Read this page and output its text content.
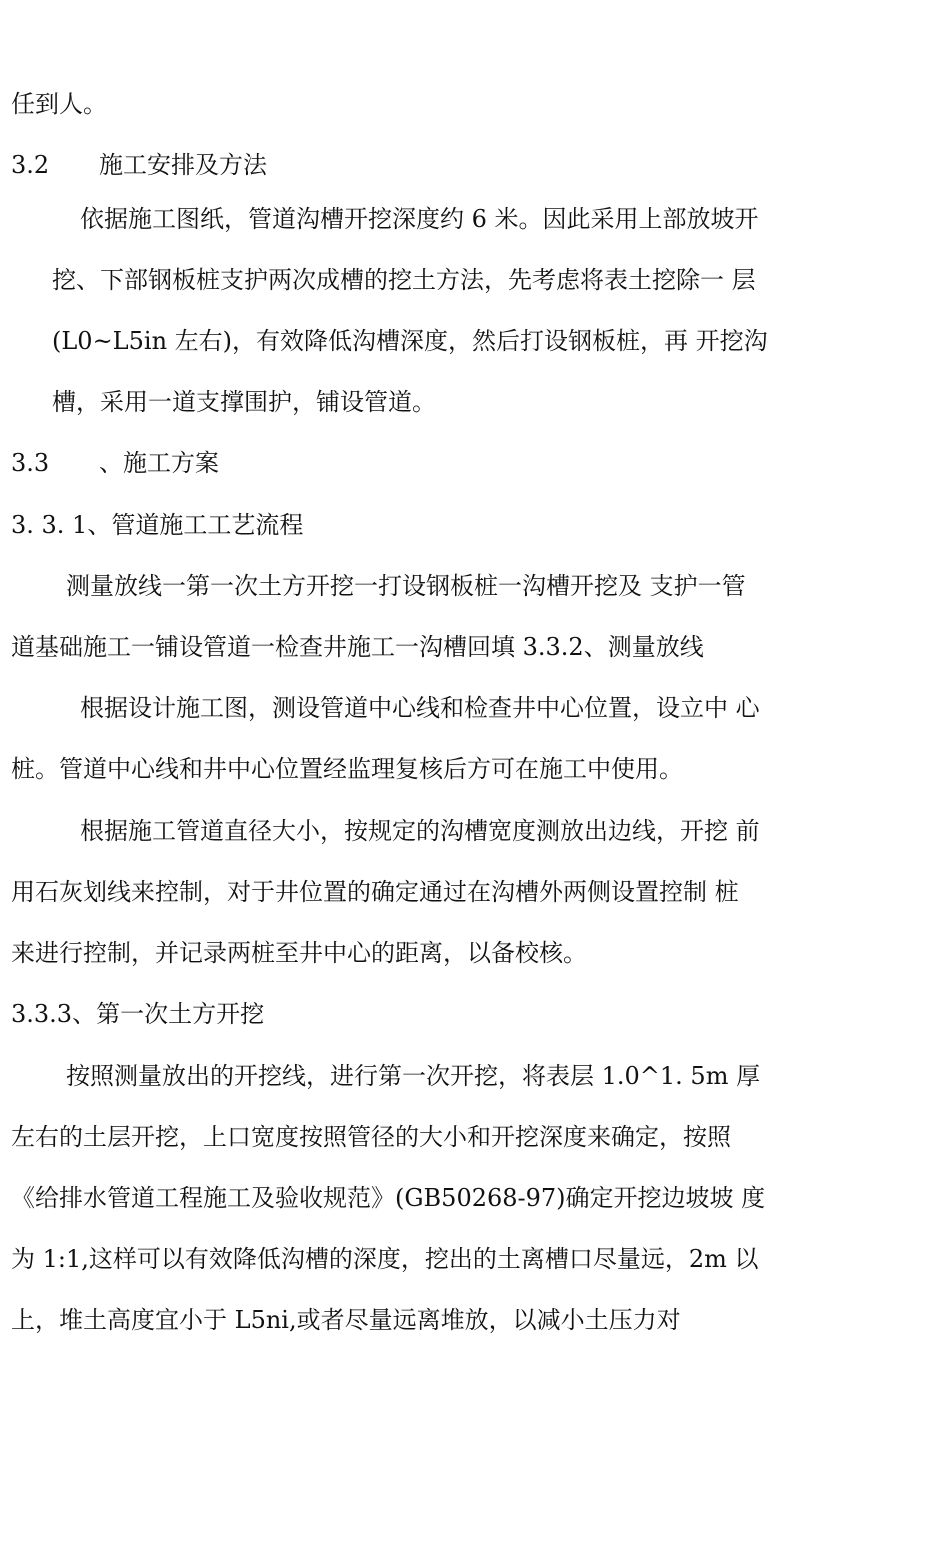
任到人。
3.2 施工安排及方法
依据施工图纸，管道沟槽开挖深度约 6 米。因此采用上部放坡开
挖、下部钢板桩支护两次成槽的挖土方法，先考虑将表土挖除一 层
(L0~L5in 左右)，有效降低沟槽深度，然后打设钢板桩，再 开挖沟
槽，采用一道支撑围护，铺设管道。
3.3 、施工方案
3. 3. 1、管道施工工艺流程
测量放线一第一次土方开挖一打设钢板桩一沟槽开挖及 支护一管
道基础施工一铺设管道一检查井施工一沟槽回填 3.3.2、测量放线
根据设计施工图，测设管道中心线和检查井中心位置，设立中 心
桩。管道中心线和井中心位置经监理复核后方可在施工中使用。
根据施工管道直径大小，按规定的沟槽宽度测放出边线，开挖 前
用石灰划线来控制，对于井位置的确定通过在沟槽外两侧设置控制 桩
来进行控制，并记录两桩至井中心的距离，以备校核。
3.3.3、第一次土方开挖
按照测量放出的开挖线，进行第一次开挖，将表层 1.0^1. 5m 厚
左右的土层开挖，上口宽度按照管径的大小和开挖深度来确定，按照
《给排水管道工程施工及验收规范》(GB50268-97)确定开挖边坡坡 度
为 1:1,这样可以有效降低沟槽的深度，挖出的土离槽口尽量远，2m 以
上，堆土高度宜小于 L5ni,或者尽量远离堆放，以减小土压力对
